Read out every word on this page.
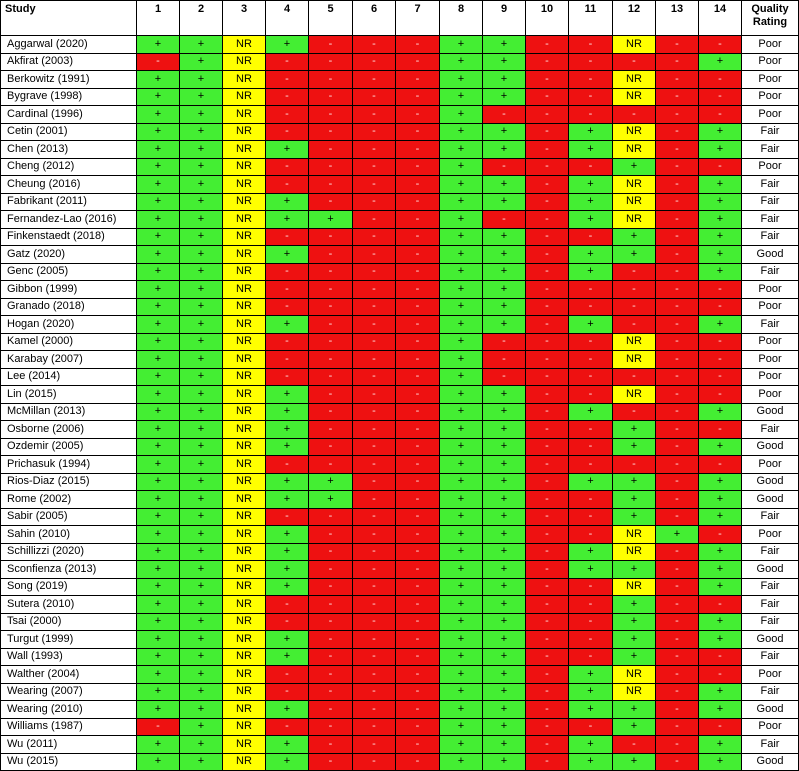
Study	1	2	3	4	5	6	7	8	9	10	11	12	13	14	Quality Rating
Aggarwal (2020)	+	+	NR	+	-	-	-	+	+	-	-	NR	-	-	Poor
Akfirat (2003)	-	+	NR	-	-	-	-	+	+	-	-	-	-	+	Poor
Berkowitz (1991)	+	+	NR	-	-	-	-	+	+	-	-	NR	-	-	Poor
Bygrave (1998)	+	+	NR	-	-	-	-	+	+	-	-	NR	-	-	Poor
Cardinal (1996)	+	+	NR	-	-	-	-	+	-	-	-	-	-	-	Poor
Cetin (2001)	+	+	NR	-	-	-	-	+	+	-	+	NR	-	+	Fair
Chen (2013)	+	+	NR	+	-	-	-	+	+	-	+	NR	-	+	Fair
Cheng (2012)	+	+	NR	-	-	-	-	+	-	-	-	+	-	-	Poor
Cheung (2016)	+	+	NR	-	-	-	-	+	+	-	+	NR	-	+	Fair
Fabrikant (2011)	+	+	NR	+	-	-	-	+	+	-	+	NR	-	+	Fair
Fernandez-Lao (2016)	+	+	NR	+	+	-	-	+	-	-	+	NR	-	+	Fair
Finkenstaedt (2018)	+	+	NR	-	-	-	-	+	+	-	-	+	-	+	Fair
Gatz (2020)	+	+	NR	+	-	-	-	+	+	-	+	+	-	+	Good
Genc (2005)	+	+	NR	-	-	-	-	+	+	-	+	-	-	+	Fair
Gibbon (1999)	+	+	NR	-	-	-	-	+	+	-	-	-	-	-	Poor
Granado (2018)	+	+	NR	-	-	-	-	+	+	-	-	-	-	-	Poor
Hogan (2020)	+	+	NR	+	-	-	-	+	+	-	+	-	-	+	Fair
Kamel (2000)	+	+	NR	-	-	-	-	+	-	-	-	NR	-	-	Poor
Karabay (2007)	+	+	NR	-	-	-	-	+	-	-	-	NR	-	-	Poor
Lee (2014)	+	+	NR	-	-	-	-	+	-	-	-	-	-	-	Poor
Lin (2015)	+	+	NR	+	-	-	-	+	+	-	-	NR	-	-	Poor
McMillan (2013)	+	+	NR	+	-	-	-	+	+	-	+	-	-	+	Good
Osborne (2006)	+	+	NR	+	-	-	-	+	+	-	-	+	-	-	Fair
Ozdemir (2005)	+	+	NR	+	-	-	-	+	+	-	-	+	-	+	Good
Prichasuk (1994)	+	+	NR	-	-	-	-	+	+	-	-	-	-	-	Poor
Rios-Diaz (2015)	+	+	NR	+	+	-	-	+	+	-	+	+	-	+	Good
Rome (2002)	+	+	NR	+	+	-	-	+	+	-	-	+	-	+	Good
Sabir (2005)	+	+	NR	-	-	-	-	+	+	-	-	+	-	+	Fair
Sahin (2010)	+	+	NR	+	-	-	-	+	+	-	-	NR	+	-	Poor
Schillizzi (2020)	+	+	NR	+	-	-	-	+	+	-	+	NR	-	+	Fair
Sconfienza (2013)	+	+	NR	+	-	-	-	+	+	-	+	+	-	+	Good
Song (2019)	+	+	NR	+	-	-	-	+	+	-	-	NR	-	+	Fair
Sutera (2010)	+	+	NR	-	-	-	-	+	+	-	-	+	-	-	Fair
Tsai (2000)	+	+	NR	-	-	-	-	+	+	-	-	+	-	+	Fair
Turgut (1999)	+	+	NR	+	-	-	-	+	+	-	-	+	-	+	Good
Wall (1993)	+	+	NR	+	-	-	-	+	+	-	-	+	-	-	Fair
Walther (2004)	+	+	NR	-	-	-	-	+	+	-	+	NR	-	-	Poor
Wearing (2007)	+	+	NR	-	-	-	-	+	+	-	+	NR	-	+	Fair
Wearing (2010)	+	+	NR	+	-	-	-	+	+	-	+	+	-	+	Good
Williams (1987)	-	+	NR	-	-	-	-	+	+	-	-	+	-	-	Poor
Wu (2011)	+	+	NR	+	-	-	-	+	+	-	+	-	-	+	Fair
Wu (2015)	+	+	NR	+	-	-	-	+	+	-	+	+	-	+	Good
